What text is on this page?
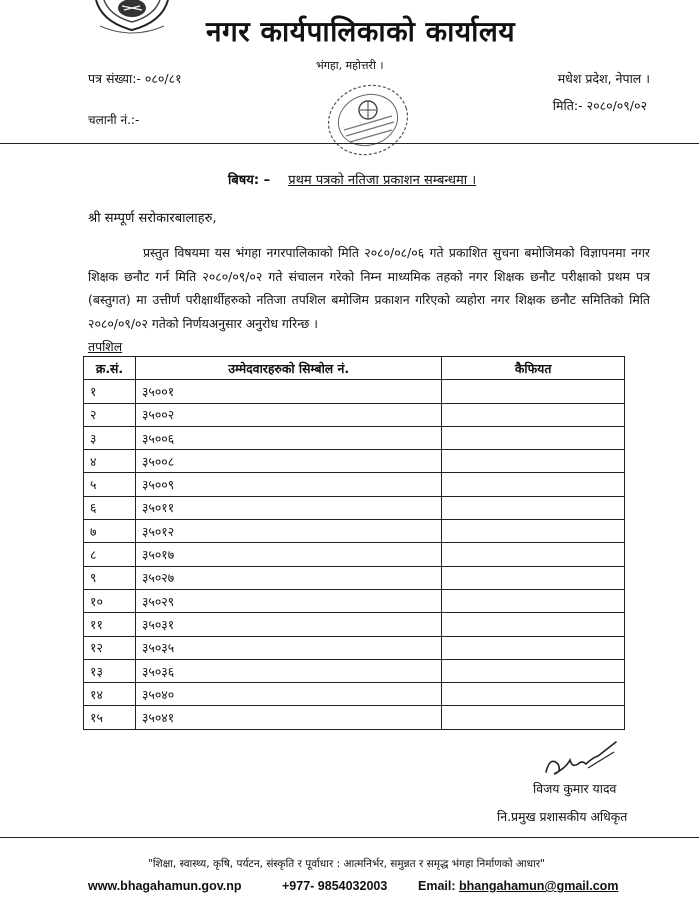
नगर कार्यपालिकाको कार्यालय
भंगहा, महोत्तरी ।
पत्र संख्या:- ०८०/८१	मधेश प्रदेश, नेपाल ।
मिति:- २०८०/०९/०२
चलानी नं.:-
बिषय: – प्रथम पत्रको नतिजा प्रकाशन सम्बन्धमा ।
श्री सम्पूर्ण सरोकारबालाहरु,
प्रस्तुत विषयमा यस भंगहा नगरपालिकाको मिति २०८०/०८/०६ गते प्रकाशित सुचना बमोजिमको विज्ञापनमा नगर शिक्षक छनौट गर्न मिति २०८०/०९/०२ गते संचालन गरेको निम्न माध्यमिक तहको नगर शिक्षक छनौट परीक्षाको प्रथम पत्र (बस्तुगत) मा उत्तीर्ण परीक्षार्थीहरुको नतिजा तपशिल बमोजिम प्रकाशन गरिएको व्यहोरा नगर शिक्षक छनौट समितिको मिति २०८०/०९/०२ गतेको निर्णयअनुसार अनुरोध गरिन्छ ।
तपशिल
क्र.सं.	उम्मेदवारहरुको सिम्बोल नं.	कैफियत
१	३५००१	
२	३५००२	
३	३५००६	
४	३५००८	
५	३५००९	
६	३५०११	
७	३५०१२	
८	३५०१७	
९	३५०२७	
१०	३५०२९	
११	३५०३१	
१२	३५०३५	
१३	३५०३६	
१४	३५०४०	
१५	३५०४१	
विजय कुमार यादव
नि.प्रमुख प्रशासकीय अधिकृत
"शिक्षा, स्वास्थ्य, कृषि, पर्यटन, संस्कृति र पूर्वाधार : आत्मनिर्भर, समुन्नत र समृद्ध भंगहा निर्माणको आधार"
www.bhagahamun.gov.np	+977- 9854032003 Email: bhangahamun@gmail.com
